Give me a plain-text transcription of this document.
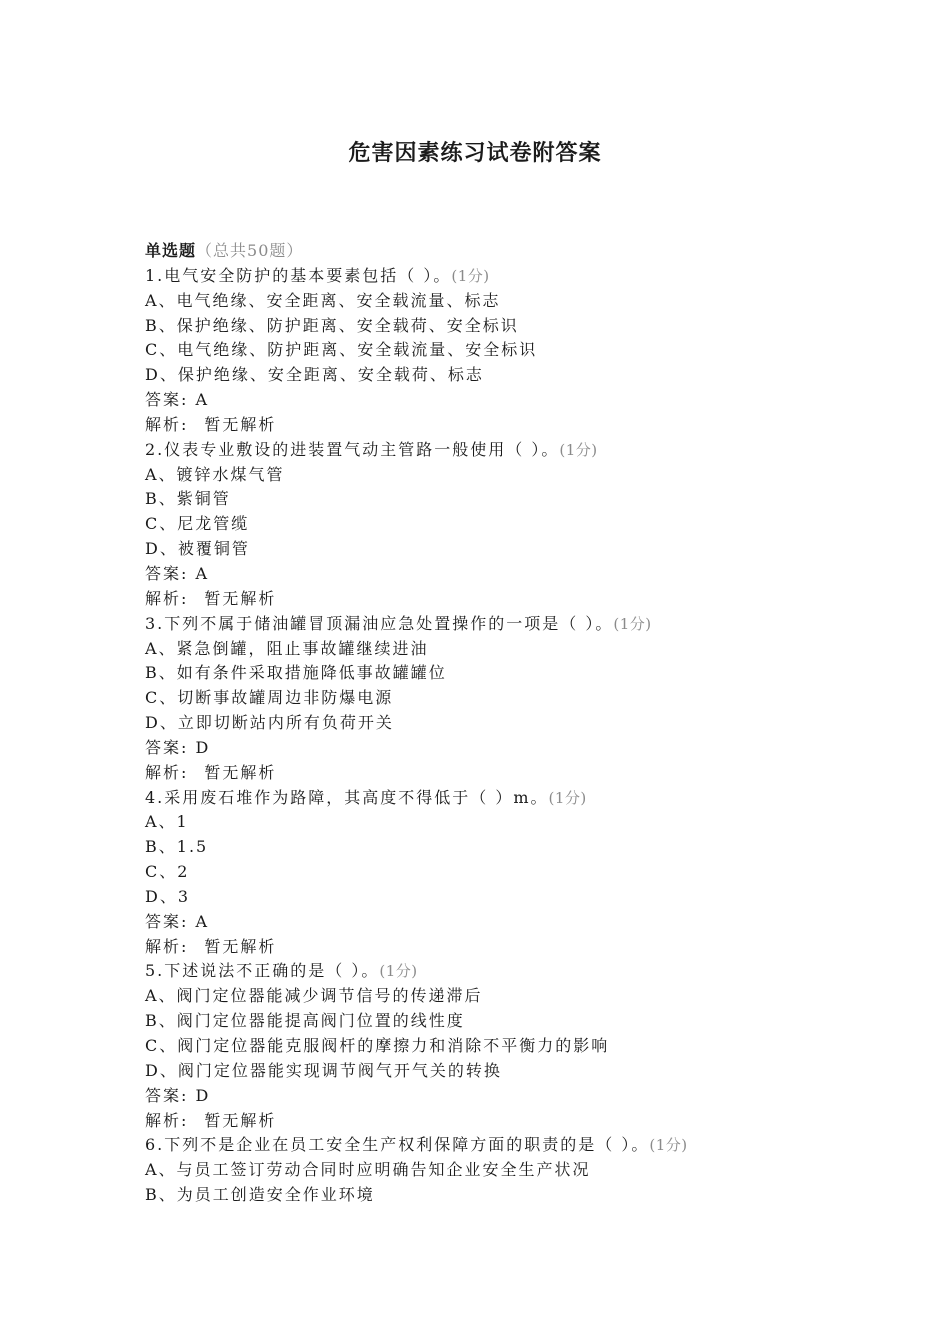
危害因素练习试卷附答案
单选题（总共50题）
1.电气安全防护的基本要素包括（ ）。(1分)
A、电气绝缘、安全距离、安全载流量、标志
B、保护绝缘、防护距离、安全载荷、安全标识
C、电气绝缘、防护距离、安全载流量、安全标识
D、保护绝缘、安全距离、安全载荷、标志
答案: A
解析: 暂无解析
2.仪表专业敷设的进装置气动主管路一般使用（ ）。(1分)
A、镀锌水煤气管
B、紫铜管
C、尼龙管缆
D、被覆铜管
答案: A
解析: 暂无解析
3.下列不属于储油罐冒顶漏油应急处置操作的一项是（ ）。(1分)
A、紧急倒罐，阻止事故罐继续进油
B、如有条件采取措施降低事故罐罐位
C、切断事故罐周边非防爆电源
D、立即切断站内所有负荷开关
答案: D
解析: 暂无解析
4.采用废石堆作为路障，其高度不得低于（ ）m。(1分)
A、1
B、1.5
C、2
D、3
答案: A
解析: 暂无解析
5.下述说法不正确的是（ ）。(1分)
A、阀门定位器能减少调节信号的传递滞后
B、阀门定位器能提高阀门位置的线性度
C、阀门定位器能克服阀杆的摩擦力和消除不平衡力的影响
D、阀门定位器能实现调节阀气开气关的转换
答案: D
解析: 暂无解析
6.下列不是企业在员工安全生产权利保障方面的职责的是（ ）。(1分)
A、与员工签订劳动合同时应明确告知企业安全生产状况
B、为员工创造安全作业环境
